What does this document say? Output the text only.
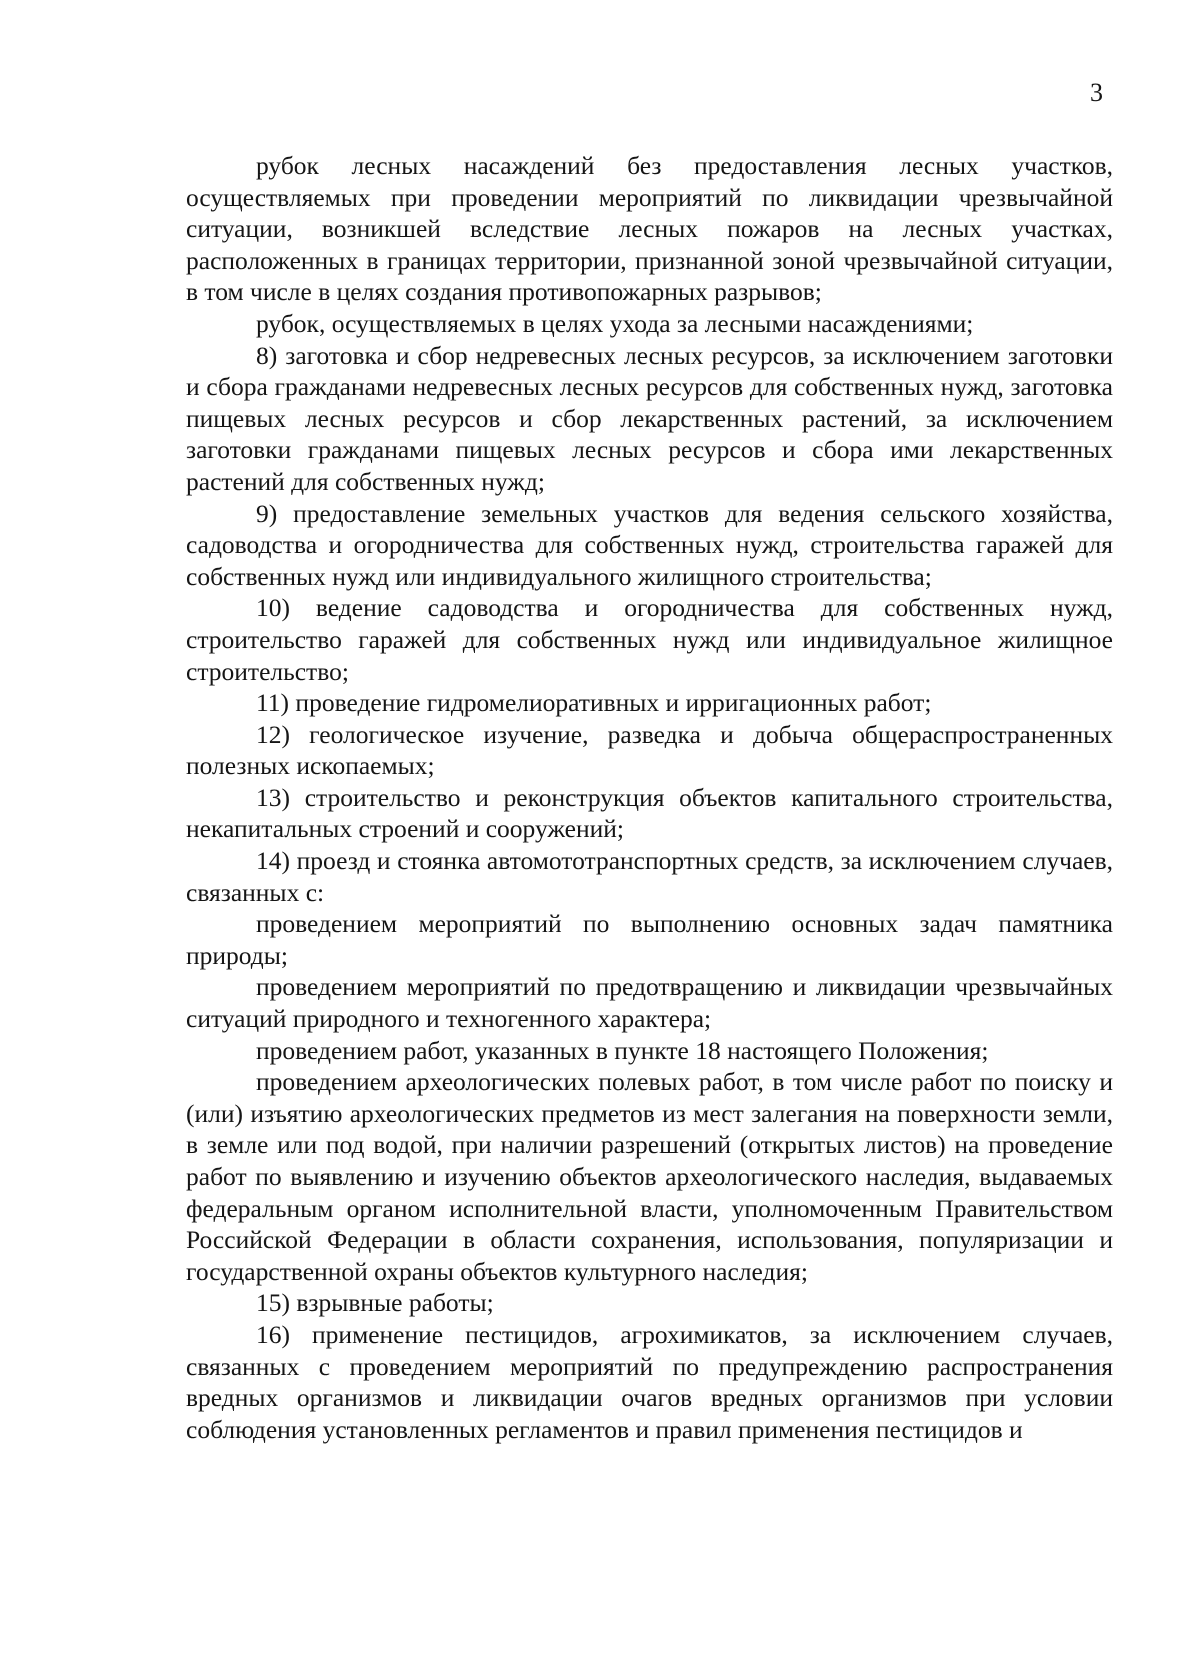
3

рубок лесных насаждений без предоставления лесных участков, осуществляемых при проведении мероприятий по ликвидации чрезвычайной ситуации, возникшей вследствие лесных пожаров на лесных участках, расположенных в границах территории, признанной зоной чрезвычайной ситуации, в том числе в целях создания противопожарных разрывов;

рубок, осуществляемых в целях ухода за лесными насаждениями;

8) заготовка и сбор недревесных лесных ресурсов, за исключением заготовки и сбора гражданами недревесных лесных ресурсов для собственных нужд, заготовка пищевых лесных ресурсов и сбор лекарственных растений, за исключением заготовки гражданами пищевых лесных ресурсов и сбора ими лекарственных растений для собственных нужд;

9) предоставление земельных участков для ведения сельского хозяйства, садоводства и огородничества для собственных нужд, строительства гаражей для собственных нужд или индивидуального жилищного строительства;

10) ведение садоводства и огородничества для собственных нужд, строительство гаражей для собственных нужд или индивидуальное жилищное строительство;

11) проведение гидромелиоративных и ирригационных работ;

12) геологическое изучение, разведка и добыча общераспространенных полезных ископаемых;

13) строительство и реконструкция объектов капитального строительства, некапитальных строений и сооружений;

14) проезд и стоянка автомототранспортных средств, за исключением случаев, связанных с:

проведением мероприятий по выполнению основных задач памятника природы;

проведением мероприятий по предотвращению и ликвидации чрезвычайных ситуаций природного и техногенного характера;

проведением работ, указанных в пункте 18 настоящего Положения;

проведением археологических полевых работ, в том числе работ по поиску и (или) изъятию археологических предметов из мест залегания на поверхности земли, в земле или под водой, при наличии разрешений (открытых листов) на проведение работ по выявлению и изучению объектов археологического наследия, выдаваемых федеральным органом исполнительной власти, уполномоченным Правительством Российской Федерации в области сохранения, использования, популяризации и государственной охраны объектов культурного наследия;

15) взрывные работы;

16) применение пестицидов, агрохимикатов, за исключением случаев, связанных с проведением мероприятий по предупреждению распространения вредных организмов и ликвидации очагов вредных организмов при условии соблюдения установленных регламентов и правил применения пестицидов и
